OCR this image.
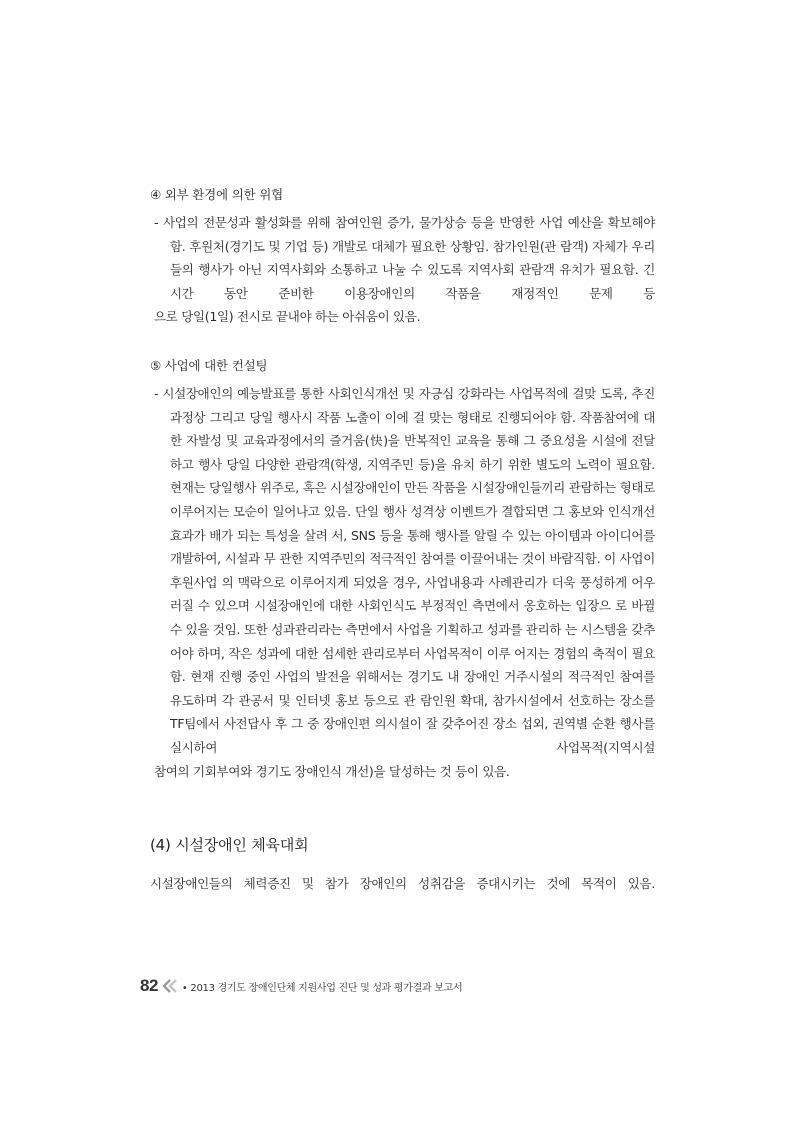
④ 외부 환경에 의한 위협
- 사업의 전문성과 활성화를 위해 참여인원 증가, 물가상승 등을 반영한 사업 예산을 확보해야 함. 후원처(경기도 및 기업 등) 개발로 대체가 필요한 상황임. 참가인원(관 람객) 자체가 우리들의 행사가 아닌 지역사회와 소통하고 나눌 수 있도록 지역사회 관람객 유치가 필요함. 긴 시간 동안 준비한 이용장애인의 작품을 재정적인 문제 등
으로 당일(1일) 전시로 끝내야 하는 아쉬움이 있음.
⑤ 사업에 대한 컨설팅
- 시설장애인의 예능발표를 통한 사회인식개선 및 자긍심 강화라는 사업목적에 걸맞 도록, 추진과정상 그리고 당일 행사시 작품 노출이 이에 걸 맞는 형태로 진행되어야 함. 작품참여에 대한 자발성 및 교육과정에서의 즐거움(快)을 반복적인 교육을 통해 그 중요성을 시설에 전달하고 행사 당일 다양한 관람객(학생, 지역주민 등)을 유치 하기 위한 별도의 노력이 필요함. 현재는 당일행사 위주로, 혹은 시설장애인이 만든 작품을 시설장애인들끼리 관람하는 형태로 이루어지는 모순이 일어나고 있음. 단일 행사 성격상 이벤트가 결합되면 그 홍보와 인식개선 효과가 배가 되는 특성을 살려 서, SNS 등을 통해 행사를 알릴 수 있는 아이템과 아이디어를 개발하여, 시설과 무 관한 지역주민의 적극적인 참여를 이끌어내는 것이 바람직함. 이 사업이 후원사업 의 맥락으로 이루어지게 되었을 경우, 사업내용과 사례관리가 더욱 풍성하게 어우 러질 수 있으며 시설장애인에 대한 사회인식도 부정적인 측면에서 옹호하는 입장으 로 바뀔 수 있을 것임. 또한 성과관리라는 측면에서 사업을 기획하고 성과를 관리하 는 시스템을 갖추어야 하며, 작은 성과에 대한 섬세한 관리로부터 사업목적이 이루 어지는 경험의 축적이 필요함. 현재 진행 중인 사업의 발전을 위해서는 경기도 내 장애인 거주시설의 적극적인 참여를 유도하며 각 관공서 및 인터넷 홍보 등으로 관 람인원 확대, 참가시설에서 선호하는 장소를 TF팀에서 사전답사 후 그 중 장애인편 의시설이 잘 갖추어진 장소 섭외, 권역별 순환 행사를 실시하여 사업목적(지역시설
참여의 기회부여와 경기도 장애인식 개선)을 달성하는 것 등이 있음.
(4) 시설장애인 체육대회
시설장애인들의 체력증진 및 참가 장애인의 성취감을 증대시키는 것에 목적이 있음.
82 • 2013 경기도 장애인단체 지원사업 진단 및 성과 평가결과 보고서
